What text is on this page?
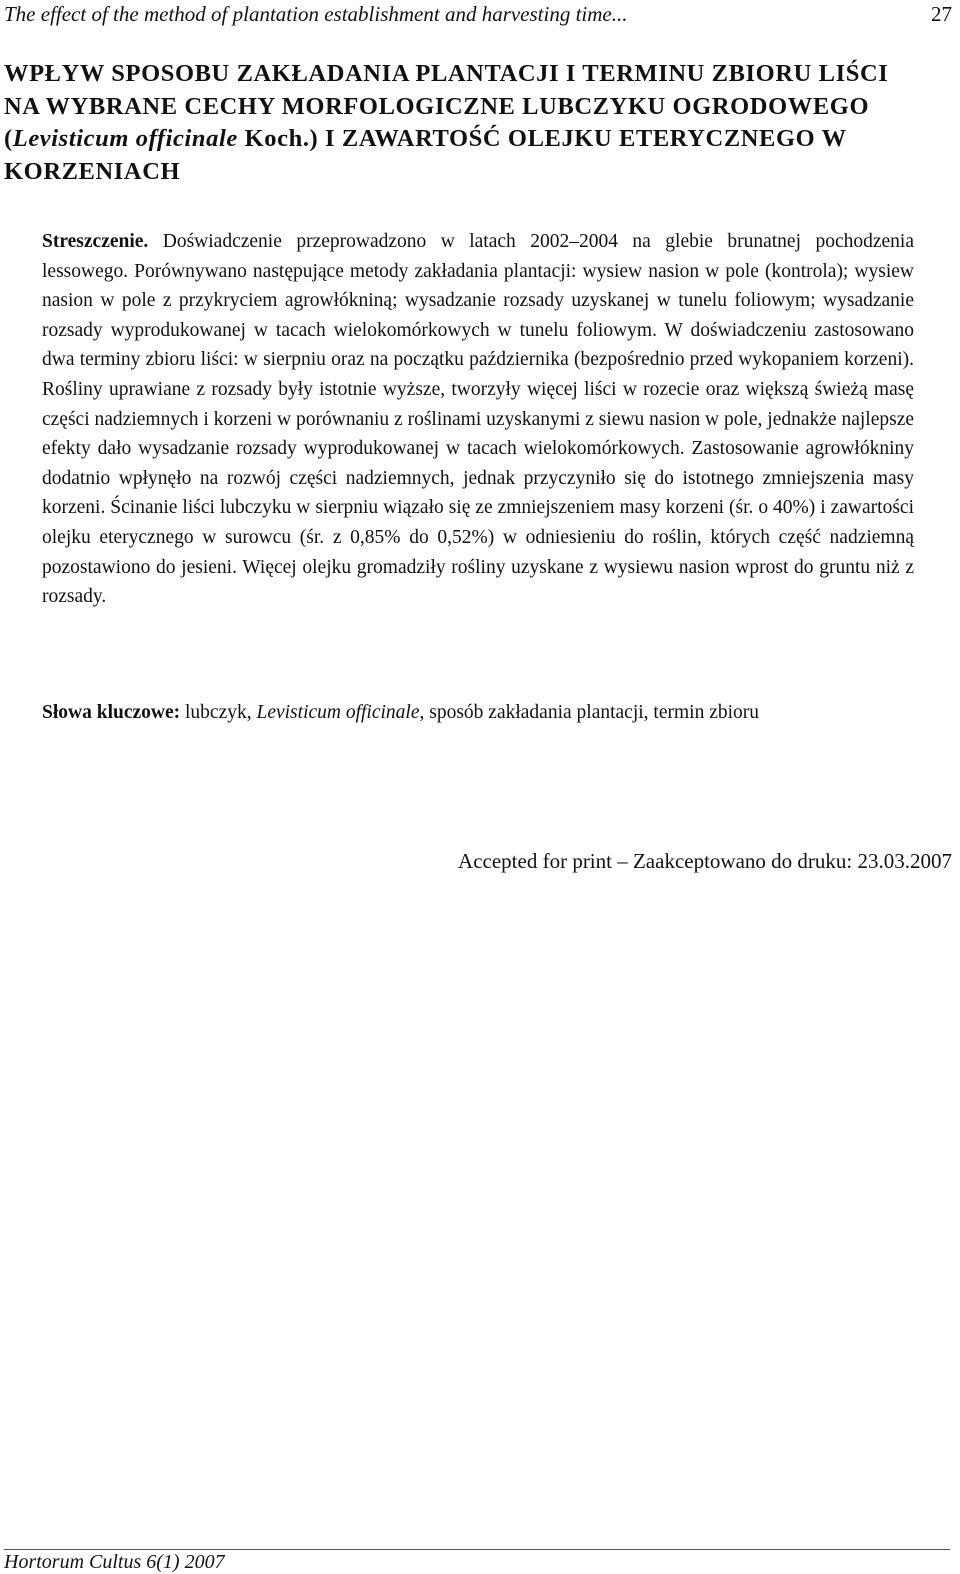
The effect of the method of plantation establishment and harvesting time...	27
WPŁYW SPOSOBU ZAKŁADANIA PLANTACJI I TERMINU ZBIORU LIŚCI NA WYBRANE CECHY MORFOLOGICZNE LUBCZYKU OGRODOWEGO (Levisticum officinale Koch.) I ZAWARTOŚĆ OLEJKU ETERYCZNEGO W KORZENIACH

Streszczenie. Doświadczenie przeprowadzono w latach 2002–2004 na glebie brunatnej pochodzenia lessowego. Porównywano następujące metody zakładania plantacji: wysiew nasion w pole (kontrola); wysiew nasion w pole z przykryciem agrowłókniną; wysadzanie rozsady uzyskanej w tunelu foliowym; wysadzanie rozsady wyprodukowanej w tacach wielokomórkowych w tunelu foliowym. W doświadczeniu zastosowano dwa terminy zbioru liści: w sierpniu oraz na początku października (bezpośrednio przed wykopaniem korzeni). Rośliny uprawiane z rozsady były istotnie wyższe, tworzyły więcej liści w rozecie oraz większą świeżą masę części nadziemnych i korzeni w porównaniu z roślinami uzyskanymi z siewu nasion w pole, jednakże najlepsze efekty dało wysadzanie rozsady wyprodukowanej w tacach wielokomórkowych. Zastosowanie agrowłókniny dodatnio wpłynęło na rozwój części nadziemnych, jednak przyczyniło się do istotnego zmniejszenia masy korzeni. Ścinanie liści lubczyku w sierpniu wiązało się ze zmniejszeniem masy korzeni (śr. o 40%) i zawartości olejku eterycznego w surowcu (śr. z 0,85% do 0,52%) w odniesieniu do roślin, których część nadziemną pozostawiono do jesieni. Więcej olejku gromadziły rośliny uzyskane z wysiewu nasion wprost do gruntu niż z rozsady.

Słowa kluczowe: lubczyk, Levisticum officinale, sposób zakładania plantacji, termin zbioru

Accepted for print – Zaakceptowano do druku: 23.03.2007
Hortorum Cultus 6(1) 2007
